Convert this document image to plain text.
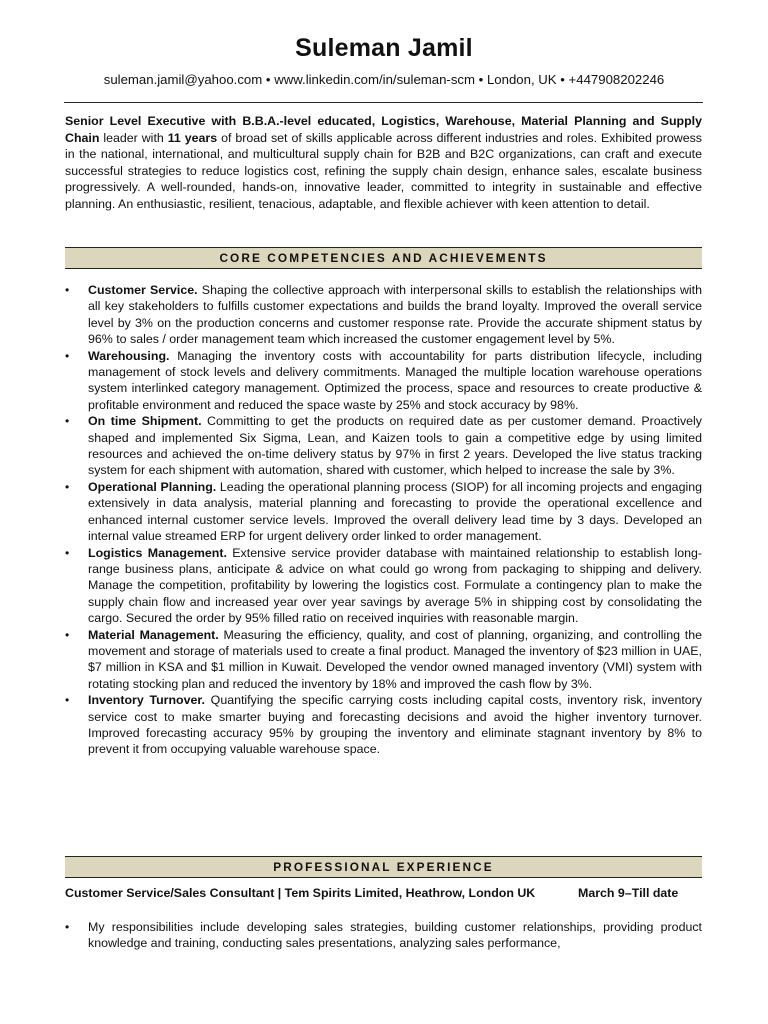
Suleman Jamil
suleman.jamil@yahoo.com • www.linkedin.com/in/suleman-scm • London, UK • +447908202246
Senior Level Executive with B.B.A.-level educated, Logistics, Warehouse, Material Planning and Supply Chain leader with 11 years of broad set of skills applicable across different industries and roles. Exhibited prowess in the national, international, and multicultural supply chain for B2B and B2C organizations, can craft and execute successful strategies to reduce logistics cost, refining the supply chain design, enhance sales, escalate business progressively. A well-rounded, hands-on, innovative leader, committed to integrity in sustainable and effective planning. An enthusiastic, resilient, tenacious, adaptable, and flexible achiever with keen attention to detail.
CORE COMPETENCIES AND ACHIEVEMENTS
•	Customer Service. Shaping the collective approach with interpersonal skills to establish the relationships with all key stakeholders to fulfills customer expectations and builds the brand loyalty. Improved the overall service level by 3% on the production concerns and customer response rate. Provide the accurate shipment status by 96% to sales / order management team which increased the customer engagement level by 5%.
•	Warehousing. Managing the inventory costs with accountability for parts distribution lifecycle, including management of stock levels and delivery commitments. Managed the multiple location warehouse operations system interlinked category management. Optimized the process, space and resources to create productive & profitable environment and reduced the space waste by 25% and stock accuracy by 98%.
•	On time Shipment. Committing to get the products on required date as per customer demand. Proactively shaped and implemented Six Sigma, Lean, and Kaizen tools to gain a competitive edge by using limited resources and achieved the on-time delivery status by 97% in first 2 years. Developed the live status tracking system for each shipment with automation, shared with customer, which helped to increase the sale by 3%.
•	Operational Planning. Leading the operational planning process (SIOP) for all incoming projects and engaging extensively in data analysis, material planning and forecasting to provide the operational excellence and enhanced internal customer service levels. Improved the overall delivery lead time by 3 days. Developed an internal value streamed ERP for urgent delivery order linked to order management.
•	Logistics Management. Extensive service provider database with maintained relationship to establish long-range business plans, anticipate & advice on what could go wrong from packaging to shipping and delivery. Manage the competition, profitability by lowering the logistics cost. Formulate a contingency plan to make the supply chain flow and increased year over year savings by average 5% in shipping cost by consolidating the cargo. Secured the order by 95% filled ratio on received inquiries with reasonable margin.
•	Material Management. Measuring the efficiency, quality, and cost of planning, organizing, and controlling the movement and storage of materials used to create a final product. Managed the inventory of $23 million in UAE, $7 million in KSA and $1 million in Kuwait. Developed the vendor owned managed inventory (VMI) system with rotating stocking plan and reduced the inventory by 18% and improved the cash flow by 3%.
•	Inventory Turnover. Quantifying the specific carrying costs including capital costs, inventory risk, inventory service cost to make smarter buying and forecasting decisions and avoid the higher inventory turnover. Improved forecasting accuracy 95% by grouping the inventory and eliminate stagnant inventory by 8% to prevent it from occupying valuable warehouse space.
PROFESSIONAL EXPERIENCE
Customer Service/Sales Consultant | Tem Spirits Limited, Heathrow, London UK	March 9–Till date
•	My responsibilities include developing sales strategies, building customer relationships, providing product knowledge and training, conducting sales presentations, analyzing sales performance,
